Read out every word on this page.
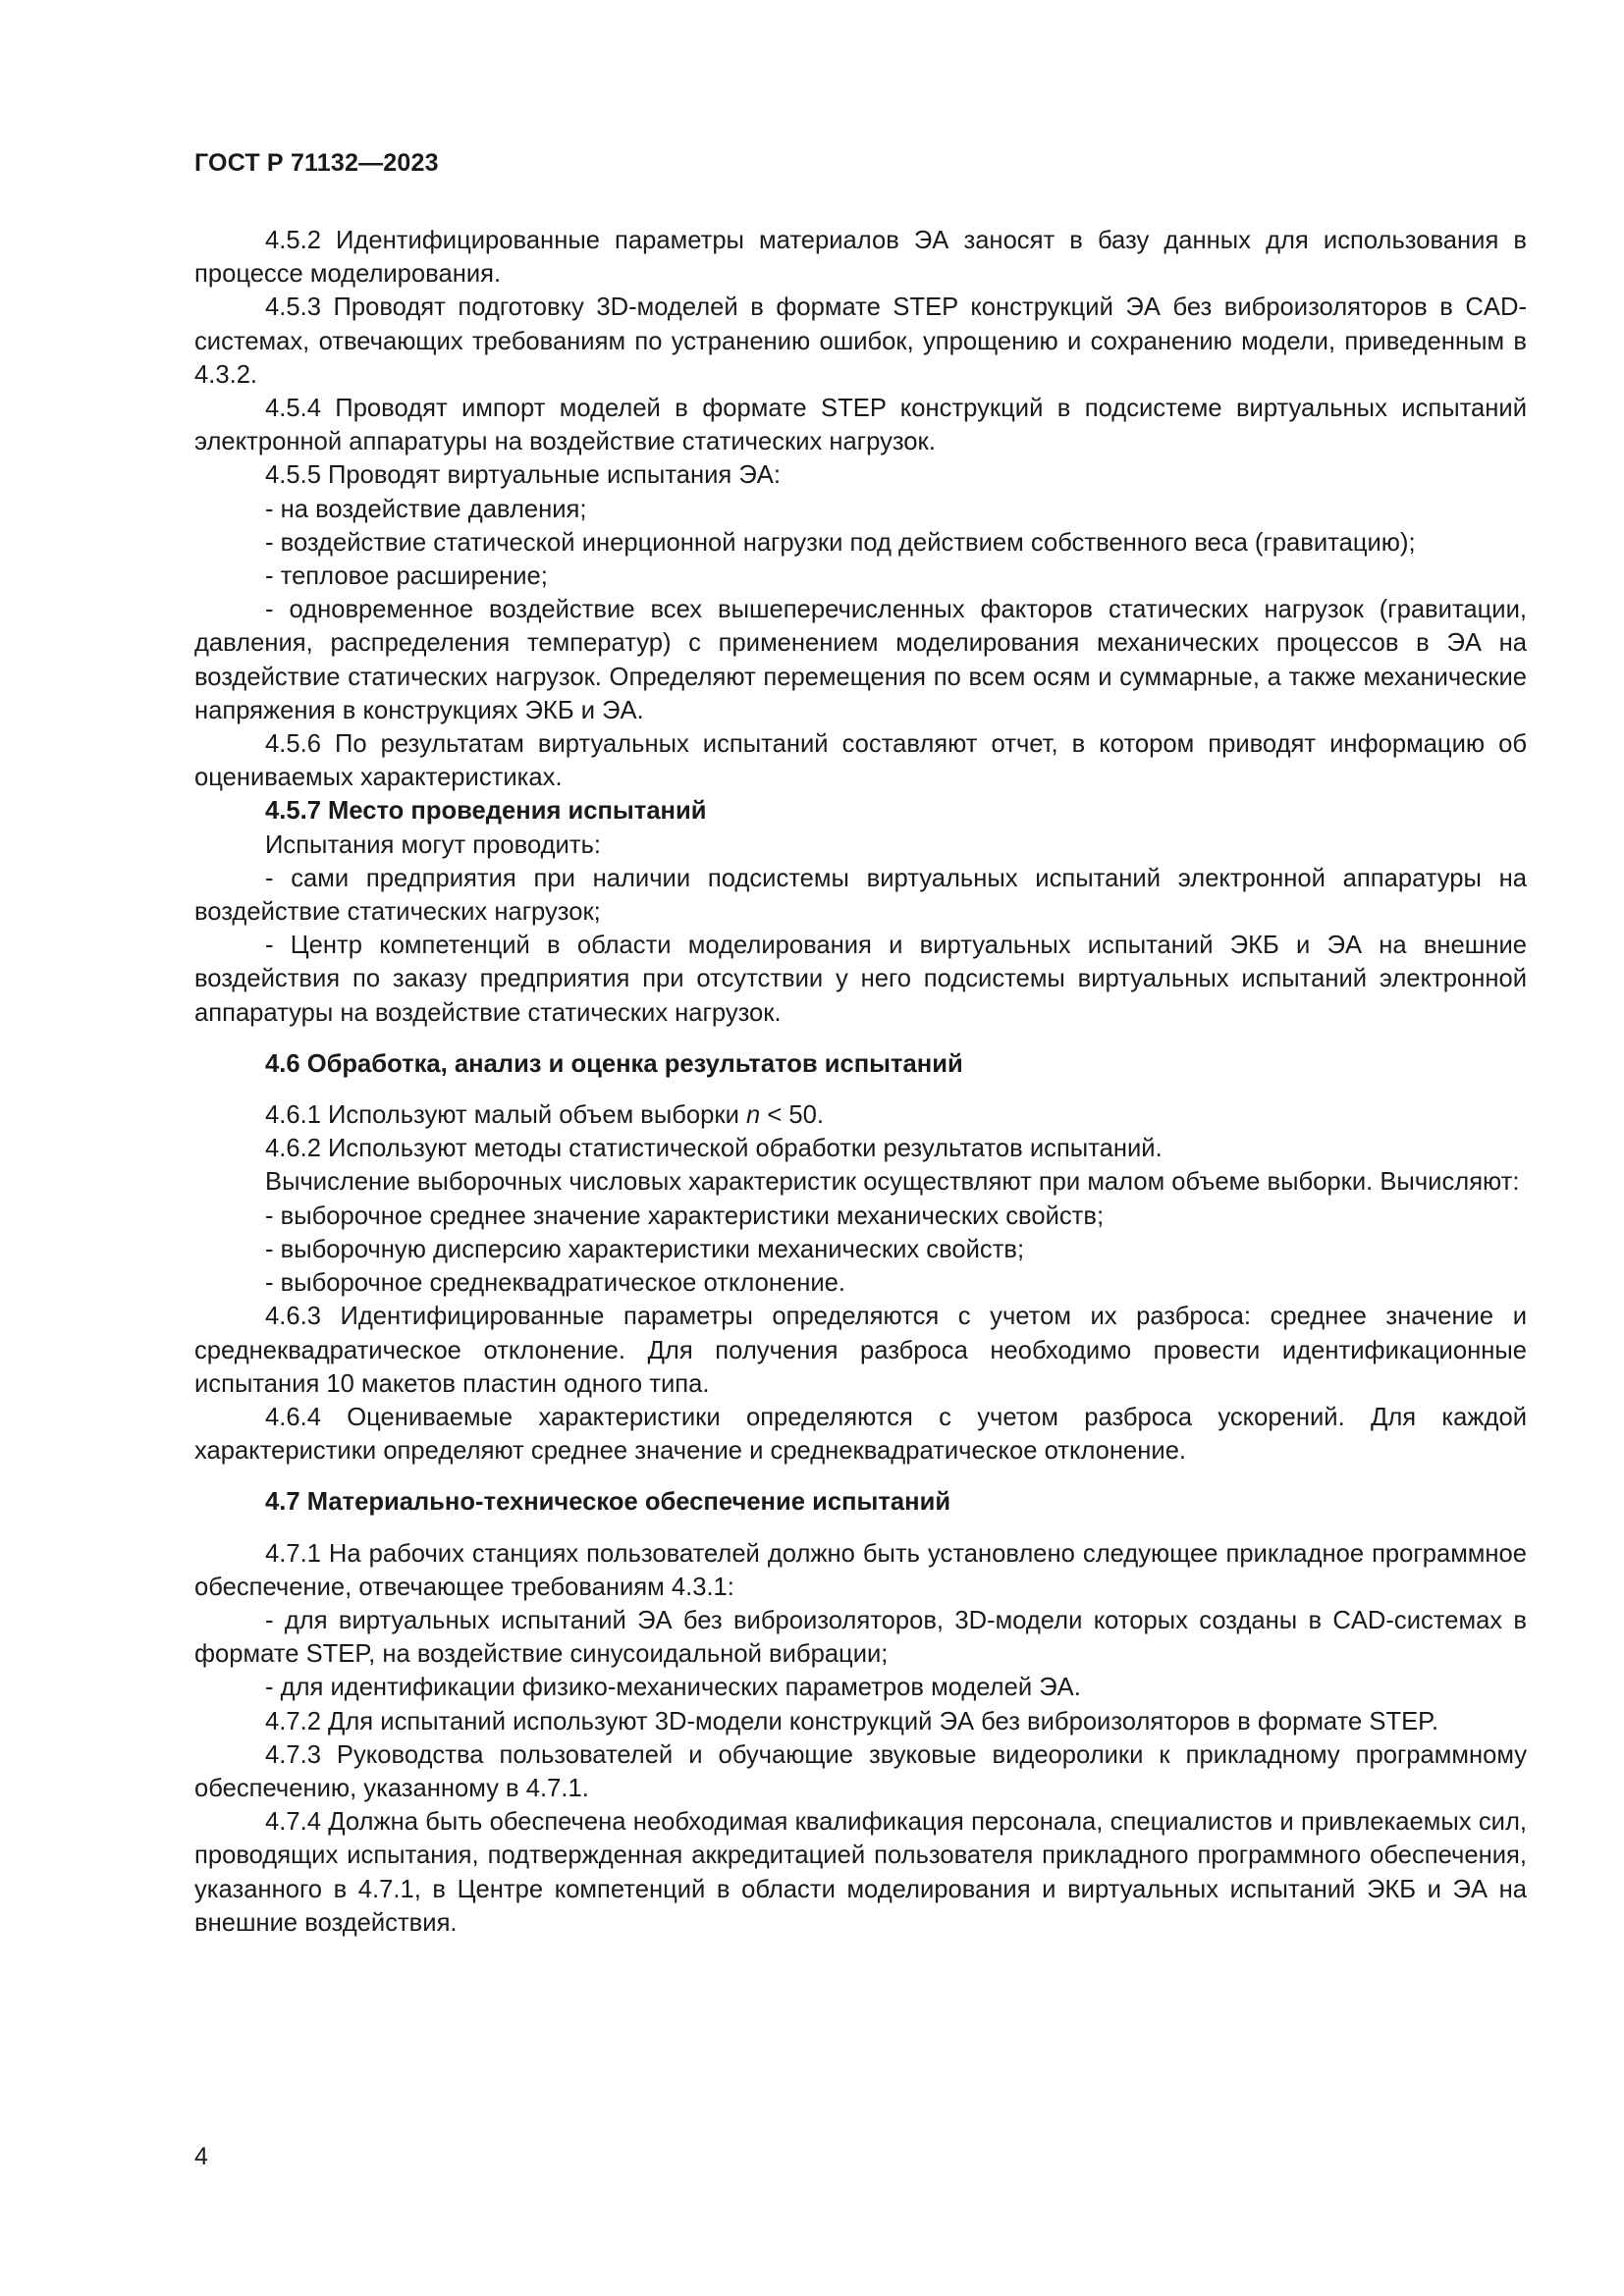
ГОСТ Р 71132—2023

4.5.2 Идентифицированные параметры материалов ЭА заносят в базу данных для использования в процессе моделирования.

4.5.3 Проводят подготовку 3D-моделей в формате STEP конструкций ЭА без виброизоляторов в CAD-системах, отвечающих требованиям по устранению ошибок, упрощению и сохранению модели, приведенным в 4.3.2.

4.5.4 Проводят импорт моделей в формате STEP конструкций в подсистеме виртуальных испытаний электронной аппаратуры на воздействие статических нагрузок.

4.5.5 Проводят виртуальные испытания ЭА:

- на воздействие давления;

- воздействие статической инерционной нагрузки под действием собственного веса (гравитацию);

- тепловое расширение;

- одновременное воздействие всех вышеперечисленных факторов статических нагрузок (гравитации, давления, распределения температур) с применением моделирования механических процессов в ЭА на воздействие статических нагрузок. Определяют перемещения по всем осям и суммарные, а также механические напряжения в конструкциях ЭКБ и ЭА.

4.5.6 По результатам виртуальных испытаний составляют отчет, в котором приводят информацию об оцениваемых характеристиках.

4.5.7 Место проведения испытаний

Испытания могут проводить:

- сами предприятия при наличии подсистемы виртуальных испытаний электронной аппаратуры на воздействие статических нагрузок;

- Центр компетенций в области моделирования и виртуальных испытаний ЭКБ и ЭА на внешние воздействия по заказу предприятия при отсутствии у него подсистемы виртуальных испытаний электронной аппаратуры на воздействие статических нагрузок.

4.6 Обработка, анализ и оценка результатов испытаний

4.6.1 Используют малый объем выборки n < 50.

4.6.2 Используют методы статистической обработки результатов испытаний.

Вычисление выборочных числовых характеристик осуществляют при малом объеме выборки. Вычисляют:

- выборочное среднее значение характеристики механических свойств;

- выборочную дисперсию характеристики механических свойств;

- выборочное среднеквадратическое отклонение.

4.6.3 Идентифицированные параметры определяются с учетом их разброса: среднее значение и среднеквадратическое отклонение. Для получения разброса необходимо провести идентификационные испытания 10 макетов пластин одного типа.

4.6.4 Оцениваемые характеристики определяются с учетом разброса ускорений. Для каждой характеристики определяют среднее значение и среднеквадратическое отклонение.

4.7 Материально-техническое обеспечение испытаний

4.7.1 На рабочих станциях пользователей должно быть установлено следующее прикладное программное обеспечение, отвечающее требованиям 4.3.1:

- для виртуальных испытаний ЭА без виброизоляторов, 3D-модели которых созданы в CAD-системах в формате STEP, на воздействие синусоидальной вибрации;

- для идентификации физико-механических параметров моделей ЭА.

4.7.2 Для испытаний используют 3D-модели конструкций ЭА без виброизоляторов в формате STEP.

4.7.3 Руководства пользователей и обучающие звуковые видеоролики к прикладному программному обеспечению, указанному в 4.7.1.

4.7.4 Должна быть обеспечена необходимая квалификация персонала, специалистов и привлекаемых сил, проводящих испытания, подтвержденная аккредитацией пользователя прикладного программного обеспечения, указанного в 4.7.1, в Центре компетенций в области моделирования и виртуальных испытаний ЭКБ и ЭА на внешние воздействия.

4
